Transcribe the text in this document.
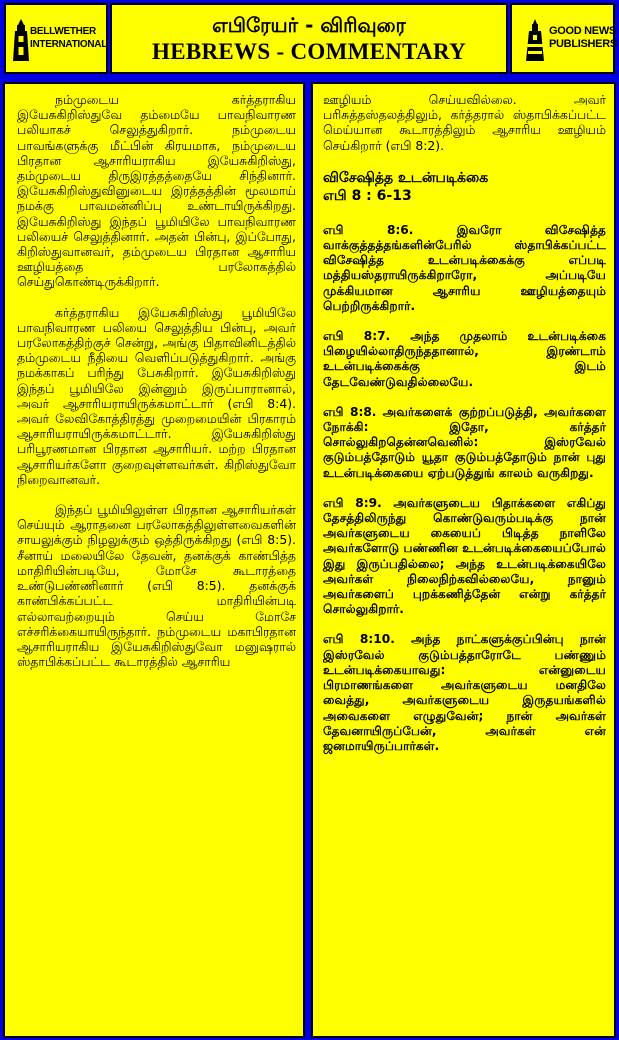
BELLWETHER
INTERNATIONAL
எபிரேயர் - விரிவுரை
HEBREWS - COMMENTARY
GOOD NEWS
PUBLISHERS

நம்முடைய கர்த்தராகிய இயேசுகிறிஸ்துவே தம்மையே பாவநிவாரண பலியாகச் செலுத்துகிறார். நம்முடைய பாவங்களுக்கு மீட்பின் கிரயமாக, நம்முடைய பிரதான ஆசாரியராகிய இயேசுகிறிஸ்து, தம்முடைய திருஇரத்தத்தையே சிந்தினார். இயேசுகிறிஸ்துவினுடைய இரத்தத்தின் மூலமாய் நமக்கு பாவமன்னிப்பு உண்டாயிருக்கிறது. இயேசுகிறிஸ்து இந்தப் பூமியிலே பாவநிவாரண பலியைச் செலுத்தினார். அதன் பின்பு, இப்போது, கிறிஸ்துவானவர், தம்முடைய பிரதான ஆசாரிய ஊழியத்தை பரலோகத்தில் செய்துகொண்டிருக்கிறார்.

கர்த்தராகிய இயேசுகிறிஸ்து பூமியிலே பாவநிவாரண பலியை செலுத்திய பின்பு, அவர் பரலோகத்திற்குச் சென்று, அங்கு பிதாவினிடத்தில் தம்முடைய நீதியை வெளிப்படுத்துகிறார். அங்கு நமக்காகப் பரிந்து பேசுகிறார். இயேசுகிறிஸ்து இந்தப் பூமியிலே இன்னும் இருப்பாரானால், அவர் ஆசாரியராயிருக்கமாட்டார் (எபி 8:4). அவர் லேவிகோத்திரத்து முறைமையின் பிரகாரம் ஆசாரியராயிருக்கமாட்டார். இயேசுகிறிஸ்து பரிபூரணமான பிரதான ஆசாரியர். மற்ற பிரதான ஆசாரியர்களோ குறைவுள்ளவர்கள். கிறிஸ்துவோ நிறைவானவர்.

இந்தப் பூமியிலுள்ள பிரதான ஆசாரியர்கள் செய்யும் ஆராதனை பரலோகத்திலுள்ளவைகளின் சாயலுக்கும் நிழலுக்கும் ஒத்திருக்கிறது (எபி 8:5). சீனாய் மலையிலே தேவன், தனக்குக் காண்பித்த மாதிரியின்படியே, மோசே கூடாரத்தை உண்டுபண்ணினார் (எபி 8:5). தனக்குக் காண்பிக்கப்பட்ட மாதிரியின்படி எல்லாவற்றையும் செய்ய மோசே எச்சரிக்கையாயிருந்தார். நம்முடைய மகாபிரதான ஆசாரியராகிய இயேசுகிறிஸ்துவோ மனுஷரால் ஸ்தாபிக்கப்பட்ட கூடாரத்தில் ஆசாரிய

ஊழியம் செய்யவில்லை. அவர் பரிசுத்தஸ்தலத்திலும், கர்த்தரால் ஸ்தாபிக்கப்பட்ட மெய்யான கூடாரத்திலும் ஆசாரிய ஊழியம் செய்கிறார் (எபி 8:2).

விசேஷித்த உடன்படிக்கை
எபி 8 : 6-13

எபி 8:6. இவரோ விசேஷித்த வாக்குத்தத்தங்களின்பேரில் ஸ்தாபிக்கப்பட்ட விசேஷித்த உடன்படிக்கைக்கு எப்படி மத்தியஸ்தராயிருக்கிறாரோ, அப்படியே முக்கியமான ஆசாரிய ஊழியத்தையும் பெற்றிருக்கிறார்.

எபி 8:7. அந்த முதலாம் உடன்படிக்கை பிழையில்லாதிருந்ததானால், இரண்டாம் உடன்படிக்கைக்கு இடம் தேடவேண்டுவதில்லையே.

எபி 8:8. அவர்களைக் குற்றப்படுத்தி, அவர்களை நோக்கி: இதோ, கர்த்தர் சொல்லுகிறதென்னவெனில்: இஸ்ரவேல் குடும்பத்தோடும் யூதா குடும்பத்தோடும் நான் புது உடன்படிக்கையை ஏற்படுத்துங் காலம் வருகிறது.

எபி 8:9. அவர்களுடைய பிதாக்களை எகிப்து தேசத்திலிருந்து கொண்டுவரும்படிக்கு நான் அவர்களுடைய கையைப் பிடித்த நாளிலே அவர்களோடு பண்ணின உடன்படிக்கையைப்போல் இது இருப்பதில்லை; அந்த உடன்படிக்கையிலே அவர்கள் நிலைநிற்கவில்லையே, நானும் அவர்களைப் புறக்கணித்தேன் என்று கர்த்தர் சொல்லுகிறார்.

எபி 8:10. அந்த நாட்களுக்குப்பின்பு நான் இஸ்ரவேல் குடும்பத்தாரோடே பண்ணும் உடன்படிக்கையாவது: என்னுடைய பிரமாணங்களை அவர்களுடைய மனதிலே வைத்து, அவர்களுடைய இருதயங்களில் அவைகளை எழுதுவேன்; நான் அவர்கள் தேவனாயிருப்பேன், அவர்கள் என் ஜனமாயிருப்பார்கள்.
